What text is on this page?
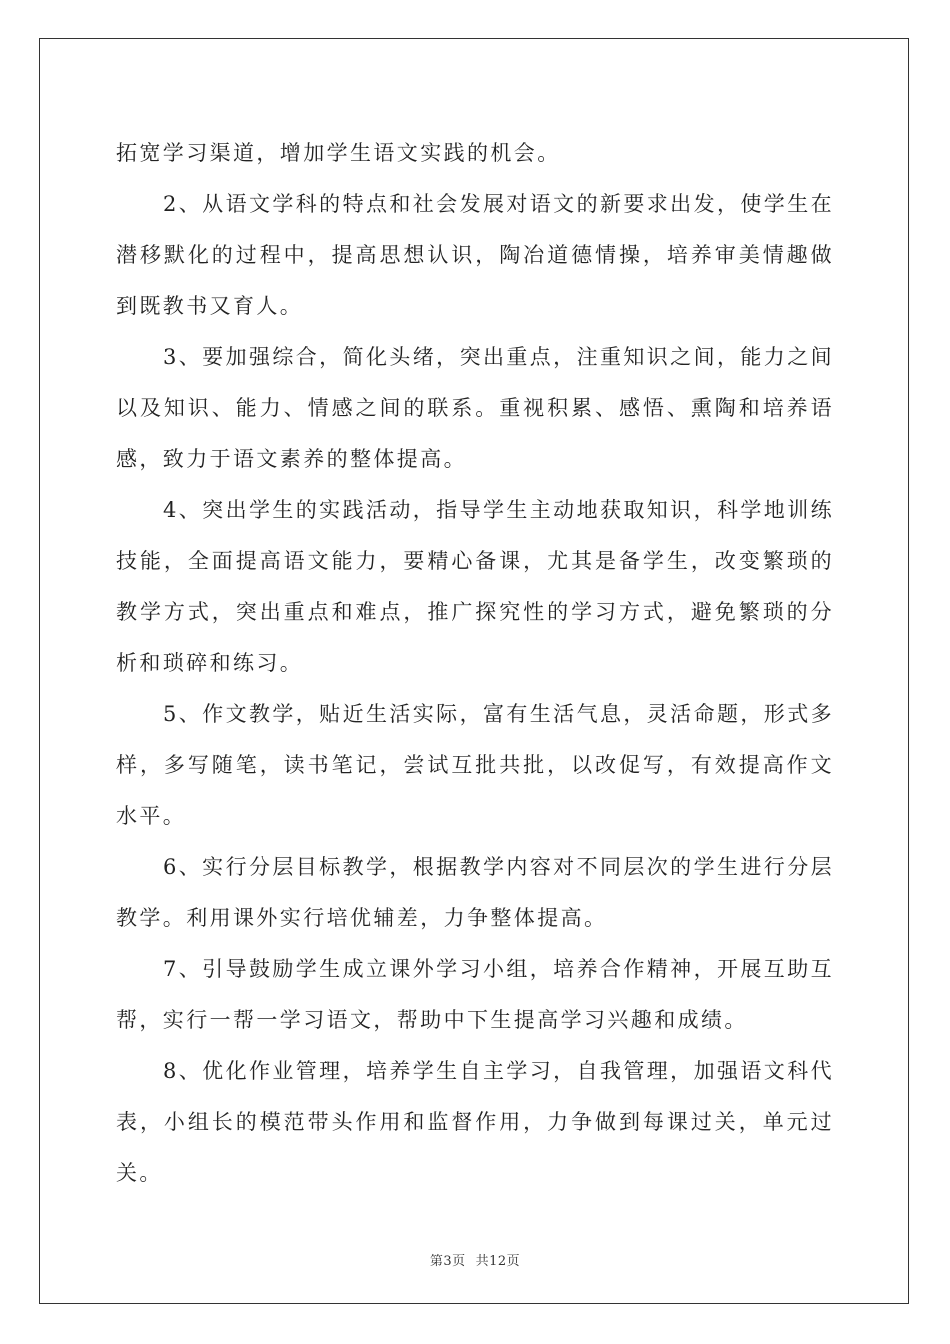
拓宽学习渠道，增加学生语文实践的机会。

2、从语文学科的特点和社会发展对语文的新要求出发，使学生在潜移默化的过程中，提高思想认识，陶冶道德情操，培养审美情趣做到既教书又育人。

3、要加强综合，简化头绪，突出重点，注重知识之间，能力之间以及知识、能力、情感之间的联系。重视积累、感悟、熏陶和培养语感，致力于语文素养的整体提高。

4、突出学生的实践活动，指导学生主动地获取知识，科学地训练技能，全面提高语文能力，要精心备课，尤其是备学生，改变繁琐的教学方式，突出重点和难点，推广探究性的学习方式，避免繁琐的分析和琐碎和练习。

5、作文教学，贴近生活实际，富有生活气息，灵活命题，形式多样，多写随笔，读书笔记，尝试互批共批，以改促写，有效提高作文水平。

6、实行分层目标教学，根据教学内容对不同层次的学生进行分层教学。利用课外实行培优辅差，力争整体提高。

7、引导鼓励学生成立课外学习小组，培养合作精神，开展互助互帮，实行一帮一学习语文，帮助中下生提高学习兴趣和成绩。

8、优化作业管理，培养学生自主学习，自我管理，加强语文科代表，小组长的模范带头作用和监督作用，力争做到每课过关，单元过关。

第3页 共12页
